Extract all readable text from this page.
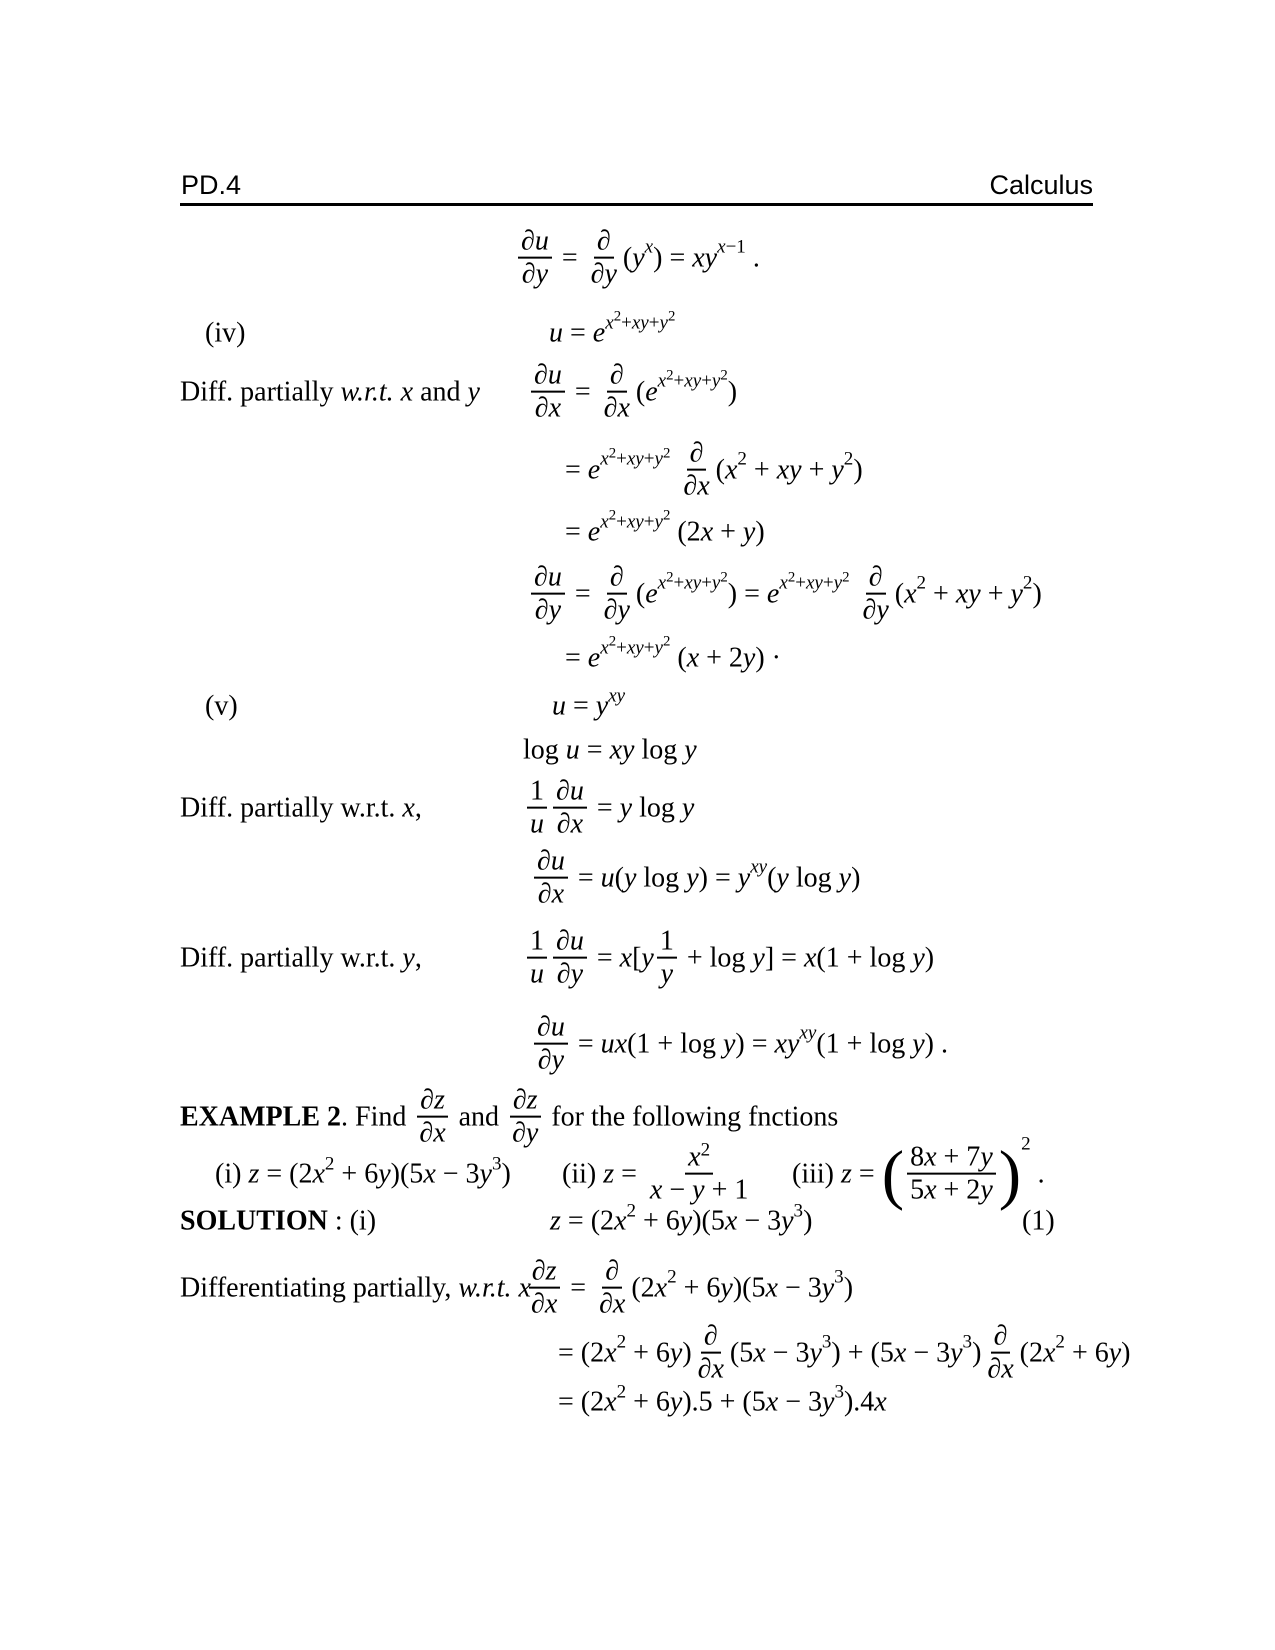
PD.4	Calculus
$\frac{\partial u}{\partial y} = \frac{\partial}{\partial y}$ ( y x ) = xy x−1 .
(iv)	u = e x2+xy+y2
Diff. partially w.r.t. x and y $\frac{\partial u}{\partial x} = \frac{\partial}{\partial x}$ ( e x2+xy+y2
)
= e x2+xy+y2
$\frac{\partial}{\partial x}$ ( x 2 + xy + y 2 )
= e x2+xy+y2
(2 x + y )
$\frac{\partial u}{\partial y} = \frac{\partial}{\partial y}$ ( e x2+xy+y2
) = e x2+xy+y2
$\frac{\partial}{\partial y}$ ( x 2 + xy + y 2 )
= e x2+xy+y2
( x + 2 y ) ·
(v)	u = y xy
log
u = xy
log
y
Diff. partially w.r.t. x ,	$\frac{1}{u} \frac{\partial u}{\partial x} = y$
log
y
$\frac{\partial u}{\partial x} = u$ ( y
log
y ) = y xy ( y
log
y )
Diff. partially w.r.t. y ,	$\frac{1}{u} \frac{\partial u}{\partial y} = x$ [ y $\frac{1}{y} + \log$
y ] = x (1 + log
y )
$\frac{\partial u}{\partial y}$ = ux (1 + log
y ) = xy xy (1 + log
y ) .
EXAMPLE 2 . Find $\frac{\partial z}{\partial x}$ and $\frac{\partial z}{\partial y}$ for the following fnctions
( i ) z = (2 x 2 + 6 y )(5 x − 3 y 3 ) ( ii ) $z = \frac{x2}{x - y + 1}$ ( iii ) z = ( $\frac{8x + 7y}{5x + 2y}$ ) 2
.
SOLUTION : (i)	z = (2 x 2 + 6 y )(5 x − 3 y 3 )	(1)
Differentiating partially, w.r.t. x
$\frac{\partial z}{\partial x} = \frac{\partial}{\partial x} (2$ x 2 + 6 y )(5 x − 3 y 3 )
= (2 x 2 + 6 y ) $\frac{\partial}{\partial x} (5$ x − 3 y 3 ) + (5 x − 3 y 3 ) $\frac{\partial}{\partial x} (2$ x 2 + 6 y )
= (2 x 2 + 6 y ).5 + (5 x − 3 y 3 ).4 x
